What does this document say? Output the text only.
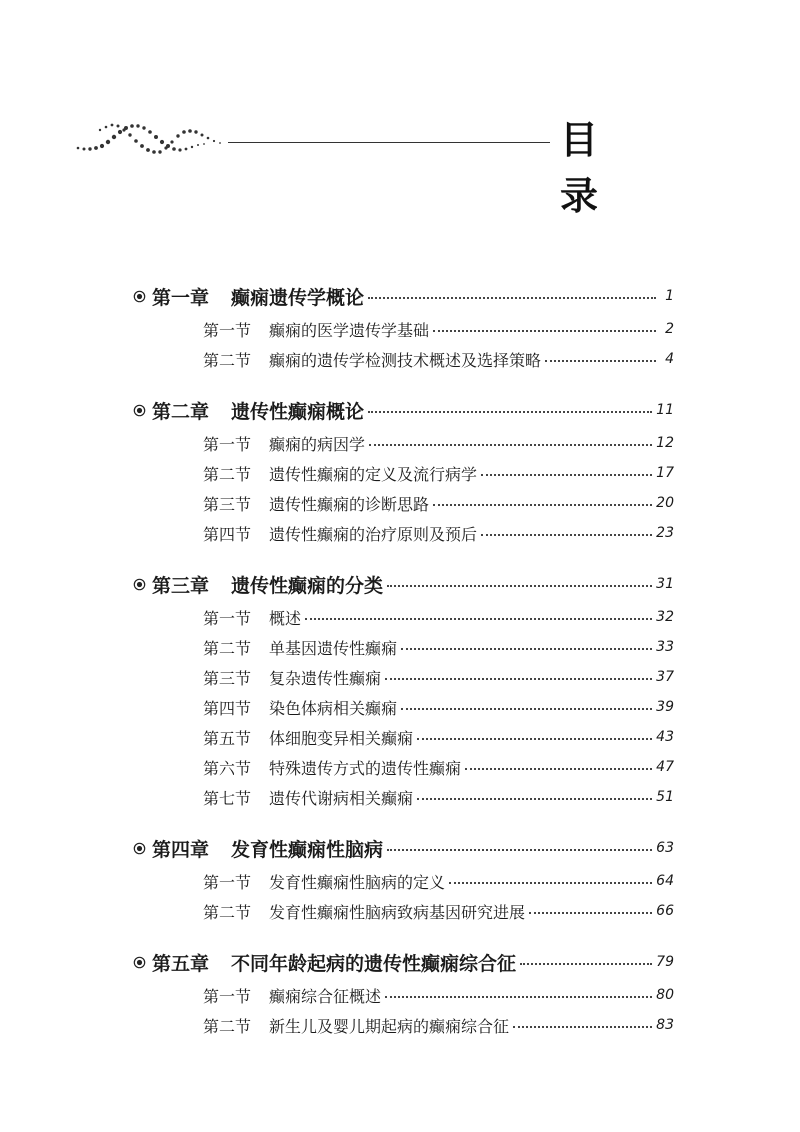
目 录
第一章 癫痫遗传学概论	1
第一节 癫痫的医学遗传学基础	2
第二节 癫痫的遗传学检测技术概述及选择策略	4
第二章 遗传性癫痫概论	11
第一节 癫痫的病因学	12
第二节 遗传性癫痫的定义及流行病学	17
第三节 遗传性癫痫的诊断思路	20
第四节 遗传性癫痫的治疗原则及预后	23
第三章 遗传性癫痫的分类	31
第一节 概述	32
第二节 单基因遗传性癫痫	33
第三节 复杂遗传性癫痫	37
第四节 染色体病相关癫痫	39
第五节 体细胞变异相关癫痫	43
第六节 特殊遗传方式的遗传性癫痫	47
第七节 遗传代谢病相关癫痫	51
第四章 发育性癫痫性脑病	63
第一节 发育性癫痫性脑病的定义	64
第二节 发育性癫痫性脑病致病基因研究进展	66
第五章 不同年龄起病的遗传性癫痫综合征	79
第一节 癫痫综合征概述	80
第二节 新生儿及婴儿期起病的癫痫综合征	83
